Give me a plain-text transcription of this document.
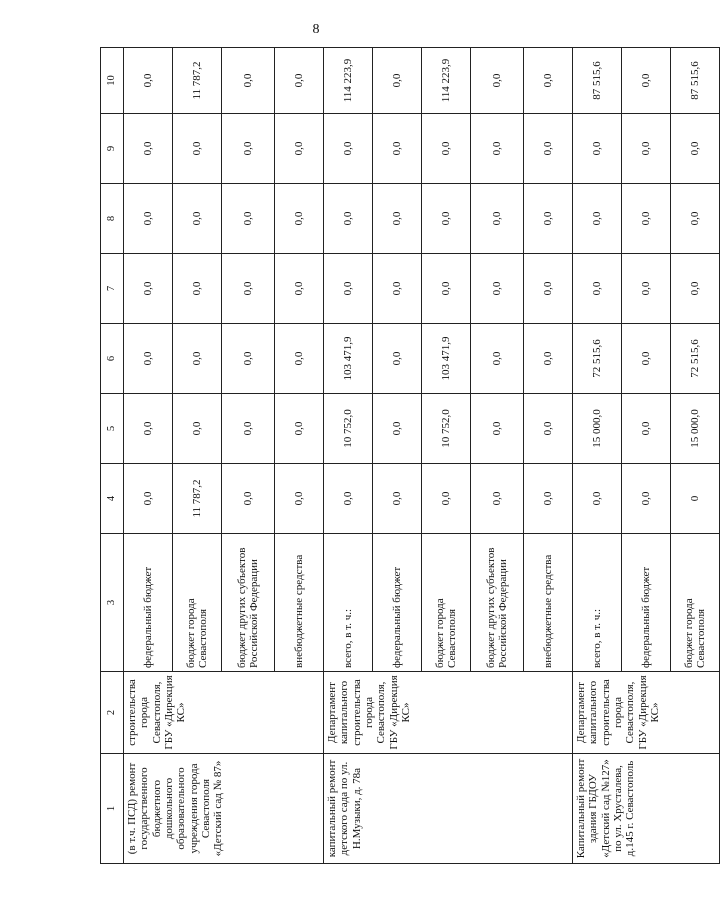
8
1	2	3	4	5	6	7	8	9	10
(в т.ч. ПСД) ремонт государственного бюджетного дошкольного образовательного учреждения города Севастополя «Детский сад № 87»	строительства города Севастополя, ГБУ «Дирекция КС»	федеральный бюджет	0,0	0,0	0,0	0,0	0,0	0,0	0,0
		бюджет города Севастополя	11 787,2	0,0	0,0	0,0	0,0	0,0	11 787,2
		бюджет других субъектов Российской Федерации	0,0	0,0	0,0	0,0	0,0	0,0	0,0
		внебюджетные средства	0,0	0,0	0,0	0,0	0,0	0,0	0,0
капитальный ремонт детского сада по ул. Н.Музыки, д. 78а	Департамент капитального строительства города Севастополя, ГБУ «Дирекция КС»	всего, в т. ч.:	0,0	10 752,0	103 471,9	0,0	0,0	0,0	114 223,9
		федеральный бюджет	0,0	0,0	0,0	0,0	0,0	0,0	0,0
		бюджет города Севастополя	0,0	10 752,0	103 471,9	0,0	0,0	0,0	114 223,9
		бюджет других субъектов Российской Федерации	0,0	0,0	0,0	0,0	0,0	0,0	0,0
		внебюджетные средства	0,0	0,0	0,0	0,0	0,0	0,0	0,0
Капитальный ремонт здания ГБДОУ «Детский сад №127» по ул. Хрусталева, д.145 г. Севастополь	Департамент капитального строительства города Севастополя, ГБУ «Дирекция КС»	всего, в т. ч.:	0,0	15 000,0	72 515,6	0,0	0,0	0,0	87 515,6
		федеральный бюджет	0,0	0,0	0,0	0,0	0,0	0,0	0,0
		бюджет города Севастополя	0	15 000,0	72 515,6	0,0	0,0	0,0	87 515,6
